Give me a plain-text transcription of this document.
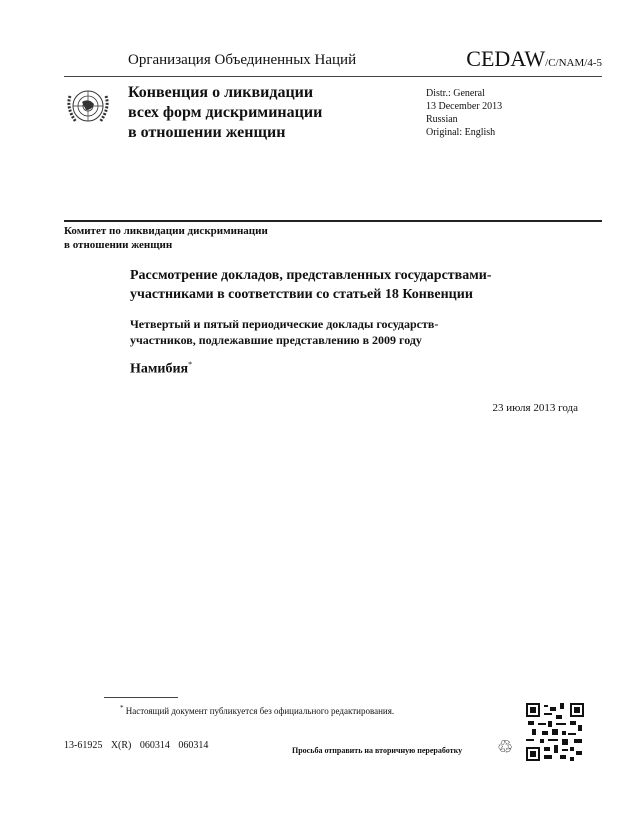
Организация Объединенных Наций	CEDAW/C/NAM/4-5
Конвенция о ликвидации
всех форм дискриминации
в отношении женщин
Distr.: General
13 December 2013
Russian
Original: English
Комитет по ликвидации дискриминации
в отношении женщин
Рассмотрение докладов, представленных государствами-
участниками в соответствии со статьей 18 Конвенции
Четвертый и пятый периодические доклады государств-
участников, подлежавшие представлению в 2009 году
Намибия*
23 июля 2013 года
* Настоящий документ публикуется без официального редактирования.
13-61925 X(R) 060314 060314	Просьба отправить на вторичную переработку ♲
